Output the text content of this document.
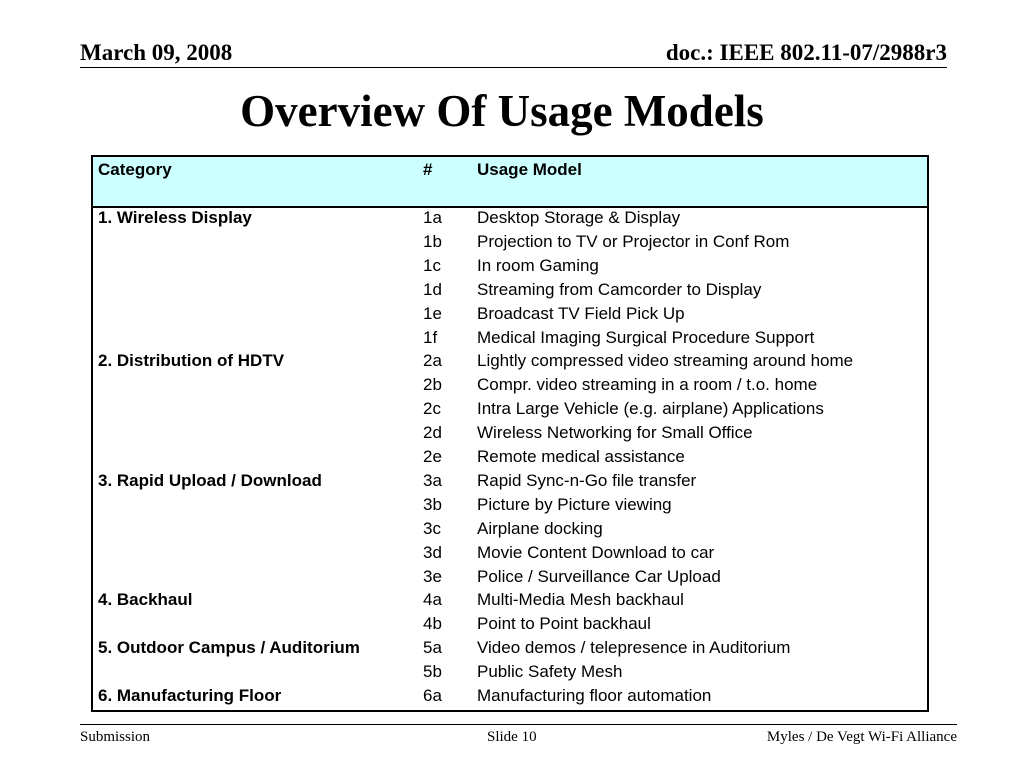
March 09, 2008	doc.: IEEE 802.11-07/2988r3
Overview Of Usage Models
Category	#	Usage Model
1. Wireless Display	1a Desktop Storage & Display
1b Projection to TV or Projector in Conf Rom
1c In room Gaming
1d Streaming from Camcorder to Display
1e Broadcast TV Field Pick Up
1f Medical Imaging Surgical Procedure Support
2. Distribution of HDTV	2a Lightly compressed video streaming around home
2b Compr. video streaming in a room / t.o. home
2c Intra Large Vehicle (e.g. airplane) Applications
2d Wireless Networking for Small Office
2e Remote medical assistance
3. Rapid Upload / Download	3a Rapid Sync-n-Go file transfer
3b Picture by Picture viewing
3c Airplane docking
3d Movie Content Download to car
3e Police / Surveillance Car Upload
4. Backhaul	4a Multi-Media Mesh backhaul
4b Point to Point backhaul
5. Outdoor Campus / Auditorium	5a Video demos / telepresence in Auditorium
5b Public Safety Mesh
6. Manufacturing Floor	6a Manufacturing floor automation
Submission	Slide 10	Myles / De Vegt Wi-Fi Alliance
